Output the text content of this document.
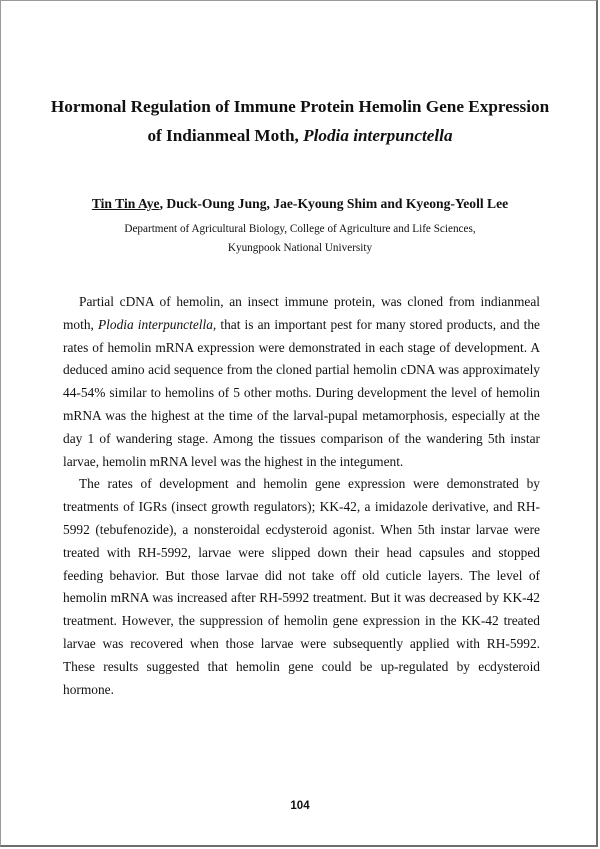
Hormonal Regulation of Immune Protein Hemolin Gene Expression
of Indianmeal Moth, Plodia interpunctella
Tin Tin Aye, Duck-Oung Jung, Jae-Kyoung Shim and Kyeong-Yeoll Lee
Department of Agricultural Biology, College of Agriculture and Life Sciences,
Kyungpook National University

Partial cDNA of hemolin, an insect immune protein, was cloned from indianmeal moth, Plodia interpunctella, that is an important pest for many stored products, and the rates of hemolin mRNA expression were demonstrated in each stage of development. A deduced amino acid sequence from the cloned partial hemolin cDNA was approximately 44-54% similar to hemolins of 5 other moths. During development the level of hemolin mRNA was the highest at the time of the larval-pupal metamorphosis, especially at the day 1 of wandering stage. Among the tissues comparison of the wandering 5th instar larvae, hemolin mRNA level was the highest in the integument.

The rates of development and hemolin gene expression were demonstrated by treatments of IGRs (insect growth regulators); KK-42, a imidazole derivative, and RH-5992 (tebufenozide), a nonsteroidal ecdysteroid agonist. When 5th instar larvae were treated with RH-5992, larvae were slipped down their head capsules and stopped feeding behavior. But those larvae did not take off old cuticle layers. The level of hemolin mRNA was increased after RH-5992 treatment. But it was decreased by KK-42 treatment. However, the suppression of hemolin gene expression in the KK-42 treated larvae was recovered when those larvae were subsequently applied with RH-5992. These results suggested that hemolin gene could be up-regulated by ecdysteroid hormone.

104
